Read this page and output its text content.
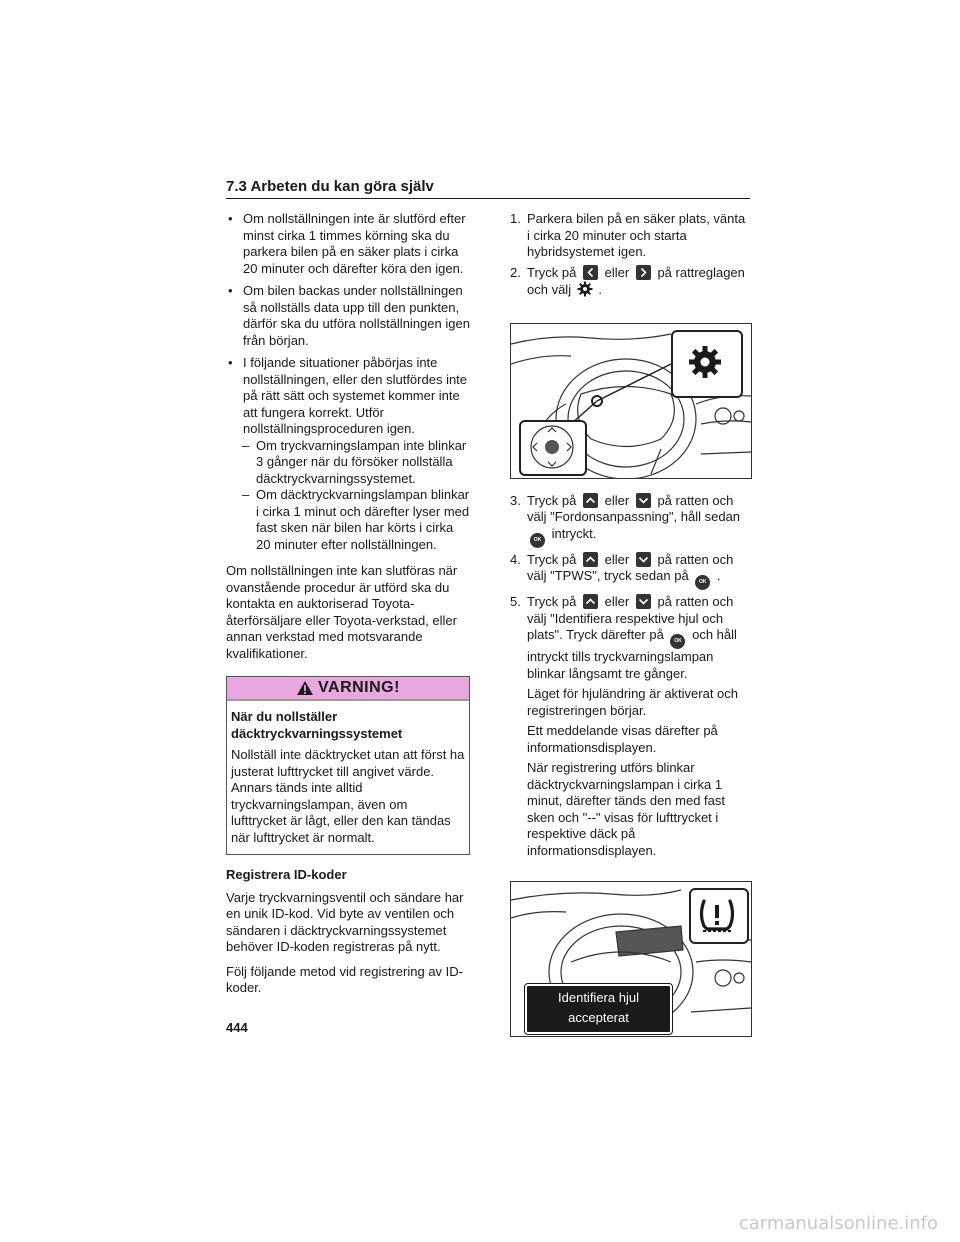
7.3 Arbeten du kan göra själv
• Om nollställningen inte är slutförd efter minst cirka 1 timmes körning ska du parkera bilen på en säker plats i cirka 20 minuter och därefter köra den igen.
• Om bilen backas under nollställningen så nollställs data upp till den punkten, därför ska du utföra nollställningen igen från början.
• I följande situationer påbörjas inte nollställningen, eller den slutfördes inte på rätt sätt och systemet kommer inte att fungera korrekt. Utför nollställningsproceduren igen.
– Om tryckvarningslampan inte blinkar 3 gånger när du försöker nollställa däcktryckvarningssystemet.
– Om däcktryckvarningslampan blinkar i cirka 1 minut och därefter lyser med fast sken när bilen har körts i cirka 20 minuter efter nollställningen.
Om nollställningen inte kan slutföras när ovanstående procedur är utförd ska du kontakta en auktoriserad Toyota-återförsäljare eller Toyota-verkstad, eller annan verkstad med motsvarande kvalifikationer.
VARNING!
När du nollställer däcktryckvarningssystemet
Nollställ inte däcktrycket utan att först ha justerat lufttrycket till angivet värde. Annars tänds inte alltid tryckvarningslampan, även om lufttrycket är lågt, eller den kan tändas när lufttrycket är normalt.
Registrera ID-koder
Varje tryckvarningsventil och sändare har en unik ID-kod. Vid byte av ventilen och sändaren i däcktryckvarningssystemet behöver ID-koden registreras på nytt.
Följ följande metod vid registrering av ID-koder.
1. Parkera bilen på en säker plats, vänta i cirka 20 minuter och starta hybridsystemet igen.
2. Tryck på eller på rattreglagen och välj .
3. Tryck på eller på ratten och välj "Fordonsanpassning", håll sedan OK intryckt.
4. Tryck på eller på ratten och välj "TPWS", tryck sedan på OK .
5. Tryck på eller på ratten och välj "Identifiera respektive hjul och plats". Tryck därefter på OK och håll intryckt tills tryckvarningslampan blinkar långsamt tre gånger.
Läget för hjuländring är aktiverat och registreringen börjar.
Ett meddelande visas därefter på informationsdisplayen.
När registrering utförs blinkar däcktryckvarningslampan i cirka 1 minut, därefter tänds den med fast sken och "--" visas för lufttrycket i respektive däck på informationsdisplayen.
Identifiera hjul
accepterat
444
carmanualsonline.info
